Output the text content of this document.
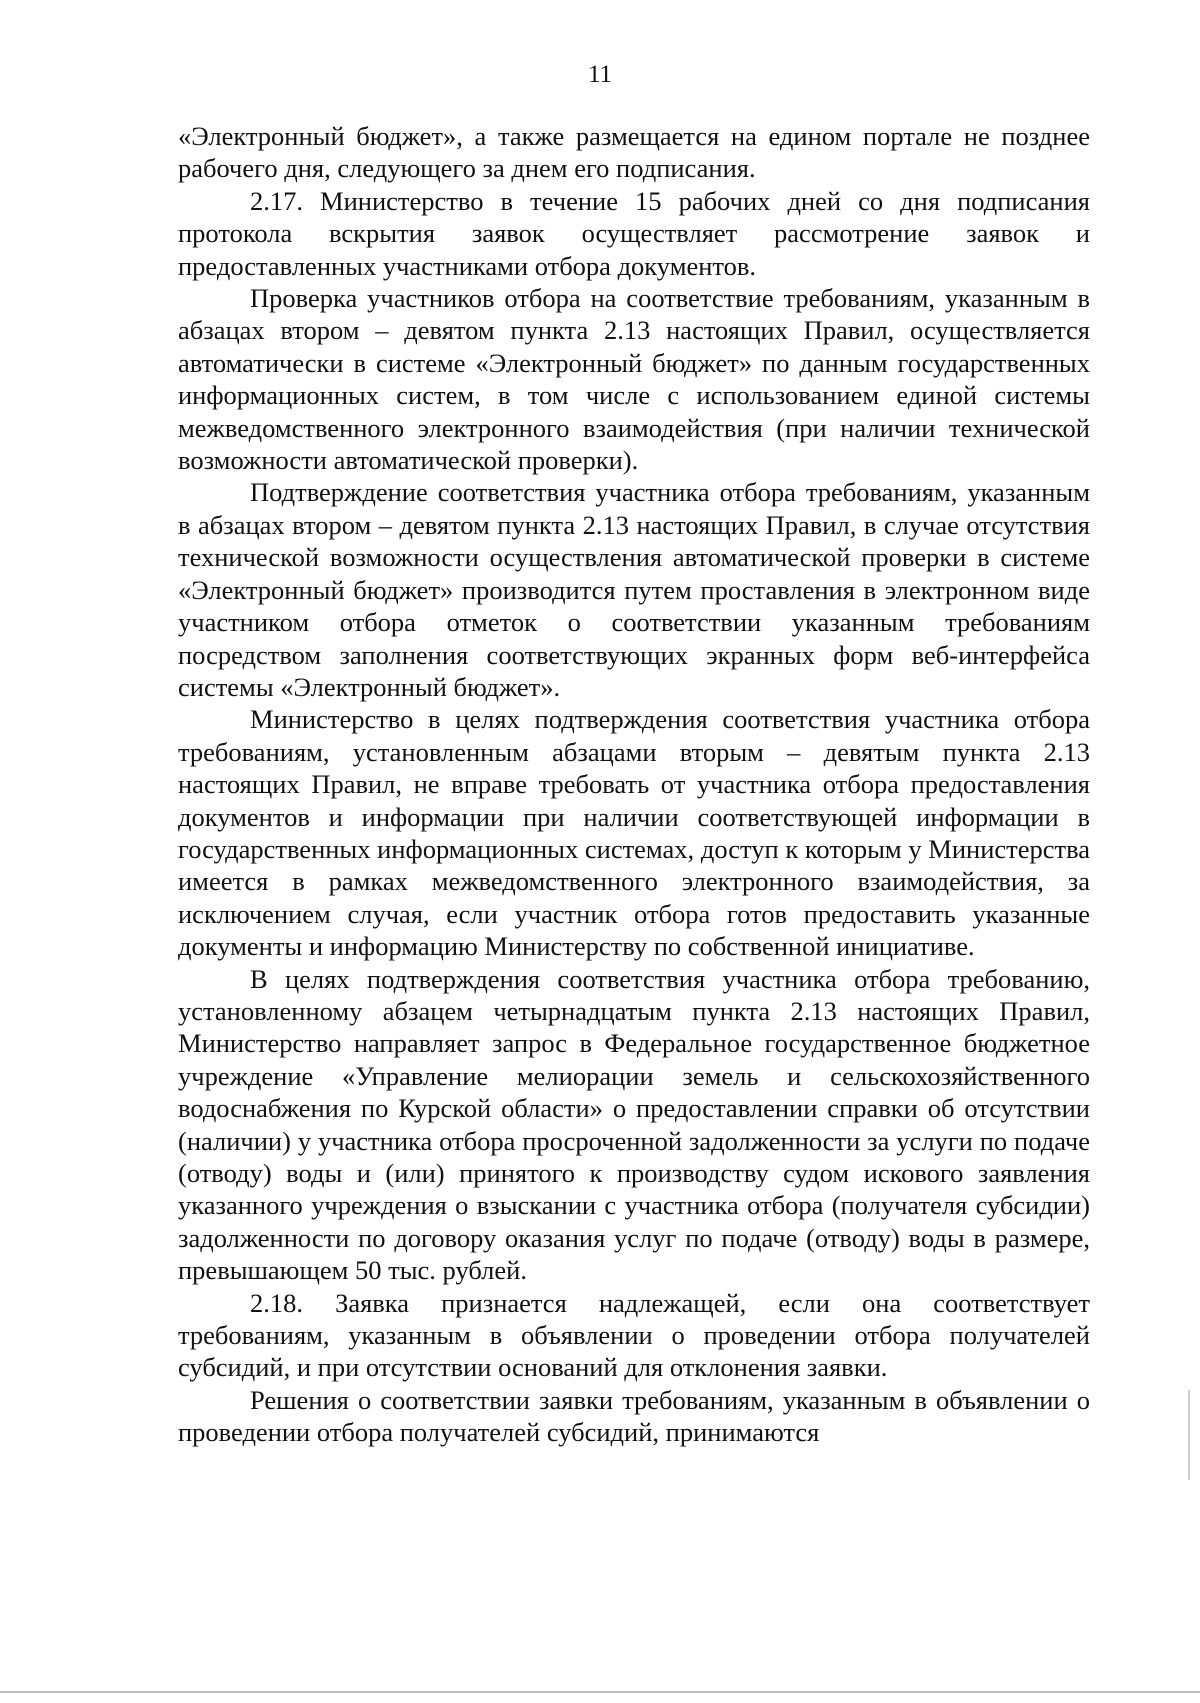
11

«Электронный бюджет», а также размещается на едином портале не позднее рабочего дня, следующего за днем его подписания.

2.17. Министерство в течение 15 рабочих дней со дня подписания протокола вскрытия заявок осуществляет рассмотрение заявок и предоставленных участниками отбора документов.

Проверка участников отбора на соответствие требованиям, указанным в абзацах втором – девятом пункта 2.13 настоящих Правил, осуществляется автоматически в системе «Электронный бюджет» по данным государственных информационных систем, в том числе с использованием единой системы межведомственного электронного взаимодействия (при наличии технической возможности автоматической проверки).

Подтверждение соответствия участника отбора требованиям, указанным в абзацах втором – девятом пункта 2.13 настоящих Правил, в случае отсутствия технической возможности осуществления автоматической проверки в системе «Электронный бюджет» производится путем проставления в электронном виде участником отбора отметок о соответствии указанным требованиям посредством заполнения соответствующих экранных форм веб-интерфейса системы «Электронный бюджет».

Министерство в целях подтверждения соответствия участника отбора требованиям, установленным абзацами вторым – девятым пункта 2.13 настоящих Правил, не вправе требовать от участника отбора предоставления документов и информации при наличии соответствующей информации в государственных информационных системах, доступ к которым у Министерства имеется в рамках межведомственного электронного взаимодействия, за исключением случая, если участник отбора готов предоставить указанные документы и информацию Министерству по собственной инициативе.

В целях подтверждения соответствия участника отбора требованию, установленному абзацем четырнадцатым пункта 2.13 настоящих Правил, Министерство направляет запрос в Федеральное государственное бюджетное учреждение «Управление мелиорации земель и сельскохозяйственного водоснабжения по Курской области» о предоставлении справки об отсутствии (наличии) у участника отбора просроченной задолженности за услуги по подаче (отводу) воды и (или) принятого к производству судом искового заявления указанного учреждения о взыскании с участника отбора (получателя субсидии) задолженности по договору оказания услуг по подаче (отводу) воды в размере, превышающем 50 тыс. рублей.

2.18. Заявка признается надлежащей, если она соответствует требованиям, указанным в объявлении о проведении отбора получателей субсидий, и при отсутствии оснований для отклонения заявки.

Решения о соответствии заявки требованиям, указанным в объявлении о проведении отбора получателей субсидий, принимаются
